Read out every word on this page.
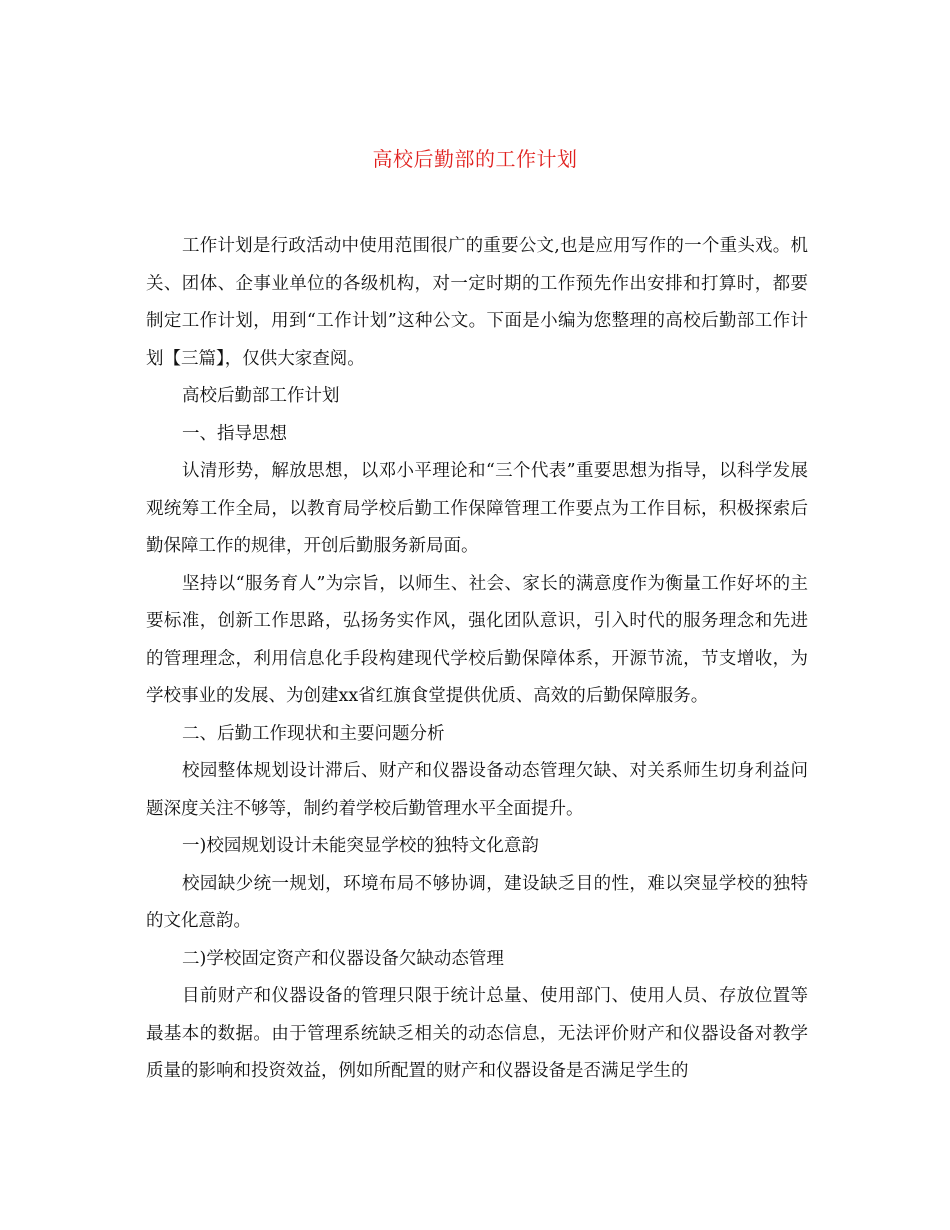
高校后勤部的工作计划

工作计划是行政活动中使用范围很广的重要公文,也是应用写作的一个重头戏。机关、团体、企事业单位的各级机构，对一定时期的工作预先作出安排和打算时，都要制定工作计划，用到“工作计划”这种公文。下面是小编为您整理的高校后勤部工作计划【三篇】，仅供大家查阅。

高校后勤部工作计划

一、指导思想

认清形势，解放思想，以邓小平理论和“三个代表”重要思想为指导，以科学发展观统筹工作全局，以教育局学校后勤工作保障管理工作要点为工作目标，积极探索后勤保障工作的规律，开创后勤服务新局面。

坚持以“服务育人”为宗旨，以师生、社会、家长的满意度作为衡量工作好坏的主要标准，创新工作思路，弘扬务实作风，强化团队意识，引入时代的服务理念和先进的管理理念，利用信息化手段构建现代学校后勤保障体系，开源节流，节支增收，为学校事业的发展、为创建xx省红旗食堂提供优质、高效的后勤保障服务。

二、后勤工作现状和主要问题分析

校园整体规划设计滞后、财产和仪器设备动态管理欠缺、对关系师生切身利益问题深度关注不够等，制约着学校后勤管理水平全面提升。

一)校园规划设计未能突显学校的独特文化意韵

校园缺少统一规划，环境布局不够协调，建设缺乏目的性，难以突显学校的独特的文化意韵。

二)学校固定资产和仪器设备欠缺动态管理

目前财产和仪器设备的管理只限于统计总量、使用部门、使用人员、存放位置等最基本的数据。由于管理系统缺乏相关的动态信息，无法评价财产和仪器设备对教学质量的影响和投资效益，例如所配置的财产和仪器设备是否满足学生的
